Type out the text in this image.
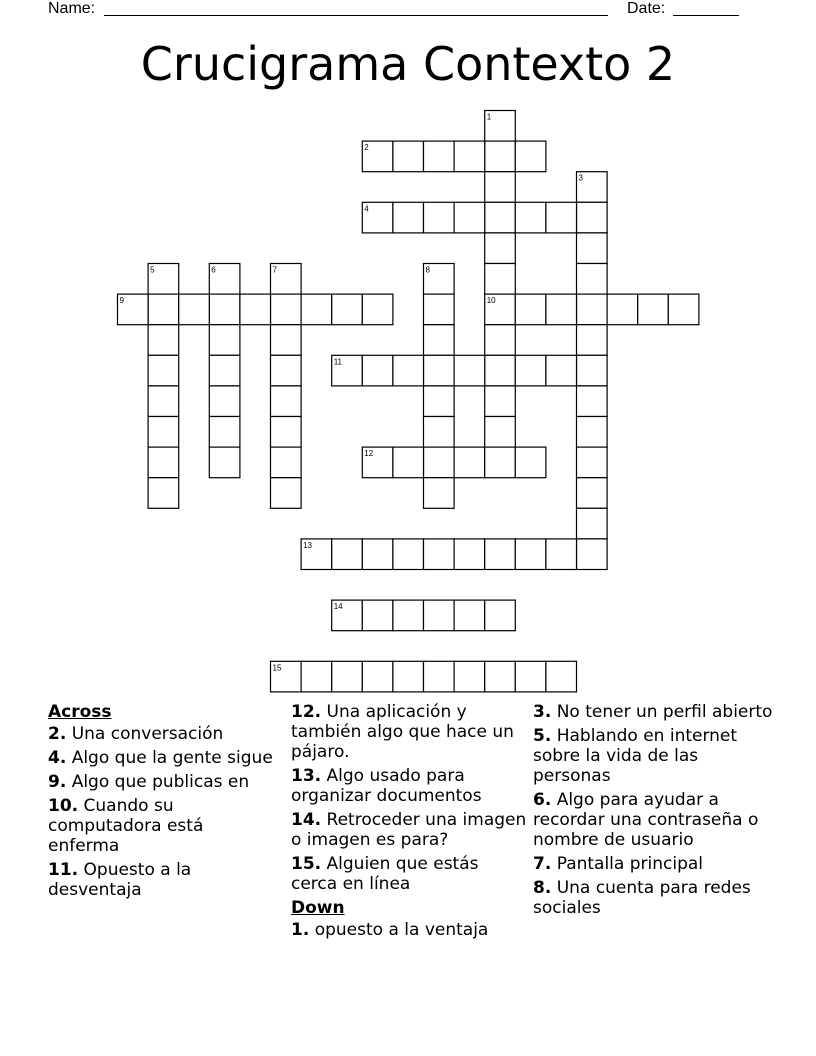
Name:	Date:
Crucigrama Contexto 2
1
2
3
4
5	6	7	8
9	10
11
12
13
14
15
Across
2. Una conversación
4. Algo que la gente sigue
9. Algo que publicas en
10. Cuando su computadora está enferma
11. Opuesto a la desventaja
12. Una aplicación y también algo que hace un pájaro.
13. Algo usado para organizar documentos
14. Retroceder una imagen o imagen es para?
15. Alguien que estás cerca en línea
Down
1. opuesto a la ventaja
3. No tener un perfil abierto
5. Hablando en internet sobre la vida de las personas
6. Algo para ayudar a recordar una contraseña o nombre de usuario
7. Pantalla principal
8. Una cuenta para redes sociales
